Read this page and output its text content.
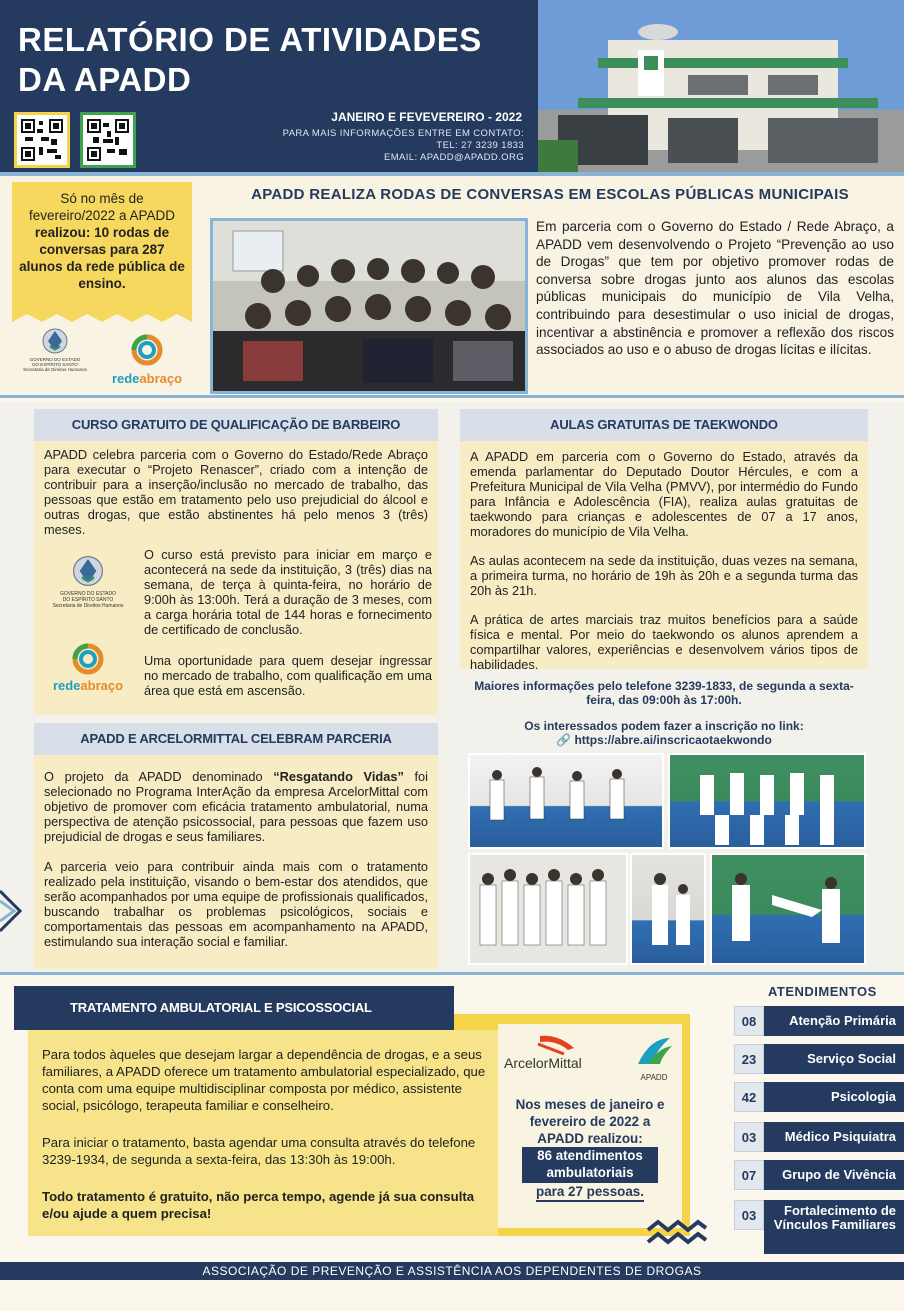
RELATÓRIO DE ATIVIDADES DA APADD
JANEIRO E FEVEVEREIRO - 2022
PARA MAIS INFORMAÇÕES ENTRE EM CONTATO:
TEL: 27 3239 1833
EMAIL: APADD@APADD.ORG
Só no mês de fevereiro/2022 a APADD realizou: 10 rodas de conversas para 287 alunos da rede pública de ensino.
GOVERNO DO ESTADO
DO ESPÍRITO SANTO
Secretaria de Direitos Humanos
redeabraço
APADD REALIZA RODAS DE CONVERSAS EM ESCOLAS PÚBLICAS MUNICIPAIS
Em parceria com o Governo do Estado / Rede Abraço, a APADD vem desenvolvendo o Projeto “Prevenção ao uso de Drogas” que tem por objetivo promover rodas de conversa sobre drogas junto aos alunos das escolas públicas municipais do município de Vila Velha, contribuindo para desestimular o uso inicial de drogas, incentivar a abstinência e promover a reflexão dos riscos associados ao uso e o abuso de drogas lícitas e ilícitas.
CURSO GRATUITO DE QUALIFICAÇÃO DE BARBEIRO
APADD celebra parceria com o Governo do Estado/Rede Abraço para executar o “Projeto Renascer”, criado com a intenção de contribuir para a inserção/inclusão no mercado de trabalho, das pessoas que estão em tratamento pelo uso prejudicial do álcool e outras drogas, que estão abstinentes há pelo menos 3 (três) meses.
GOVERNO DO ESTADO
DO ESPÍRITO SANTO
Secretaria de Direitos Humanos
O curso está previsto para iniciar em março e acontecerá na sede da instituição, 3 (três) dias na semana, de terça à quinta-feira, no horário de 9:00h às 13:00h. Terá a duração de 3 meses, com a carga horária total de 144 horas e fornecimento de certificado de conclusão.
redeabraço
Uma oportunidade para quem desejar ingressar no mercado de trabalho, com qualificação em uma área que está em ascensão.
APADD E ARCELORMITTAL CELEBRAM PARCERIA
O projeto da APADD denominado “Resgatando Vidas” foi selecionado no Programa InterAção da empresa ArcelorMittal com objetivo de promover com eficácia tratamento ambulatorial, numa perspectiva de atenção psicossocial, para pessoas que fazem uso prejudicial de drogas e seus familiares.
A parceria veio para contribuir ainda mais com o tratamento realizado pela instituição, visando o bem-estar dos atendidos, que serão acompanhados por uma equipe de profissionais qualificados, buscando trabalhar os problemas psicológicos, sociais e comportamentais das pessoas em acompanhamento na APADD, estimulando sua interação social e familiar.
AULAS GRATUITAS DE TAEKWONDO
A APADD em parceria com o Governo do Estado, através da emenda parlamentar do Deputado Doutor Hércules, e com a Prefeitura Municipal de Vila Velha (PMVV), por intermédio do Fundo para Infância e Adolescência (FIA), realiza aulas gratuitas de taekwondo para crianças e adolescentes de 07 a 17 anos, moradores do município de Vila Velha.
As aulas acontecem na sede da instituição, duas vezes na semana, a primeira turma, no horário de 19h às 20h e a segunda turma das 20h às 21h.
A prática de artes marciais traz muitos benefícios para a saúde física e mental. Por meio do taekwondo os alunos aprendem a compartilhar valores, experiências e desenvolvem vários tipos de habilidades.
Maiores informações pelo telefone 3239-1833, de segunda a sexta-feira, das 09:00h às 17:00h.
Os interessados podem fazer a inscrição no link:
🔗 https://abre.ai/inscricaotaekwondo
TRATAMENTO AMBULATORIAL E PSICOSSOCIAL

Para todos àqueles que desejam largar a dependência de drogas, e a seus familiares, a APADD oferece um tratamento ambulatorial especializado, que conta com uma equipe multidisciplinar composta por médico, assistente social, psicólogo, terapeuta familiar e conselheiro.

Para iniciar o tratamento, basta agendar uma consulta através do telefone 3239-1934, de segunda a sexta-feira, das 13:30h às 19:00h.

Todo tratamento é gratuito, não perca tempo, agende já sua consulta e/ou ajude a quem precisa!

ArcelorMittal
APADD
Nos meses de janeiro e fevereiro de 2022 a APADD realizou:
86 atendimentos ambulatoriais
para 27 pessoas.
ATENDIMENTOS
08	Atenção Primária
23	Serviço Social
42	Psicologia
03	Médico Psiquiatra
07	Grupo de Vivência
03	Fortalecimento de Vínculos Familiares
ASSOCIAÇÃO DE PREVENÇÃO E ASSISTÊNCIA AOS DEPENDENTES DE DROGAS
